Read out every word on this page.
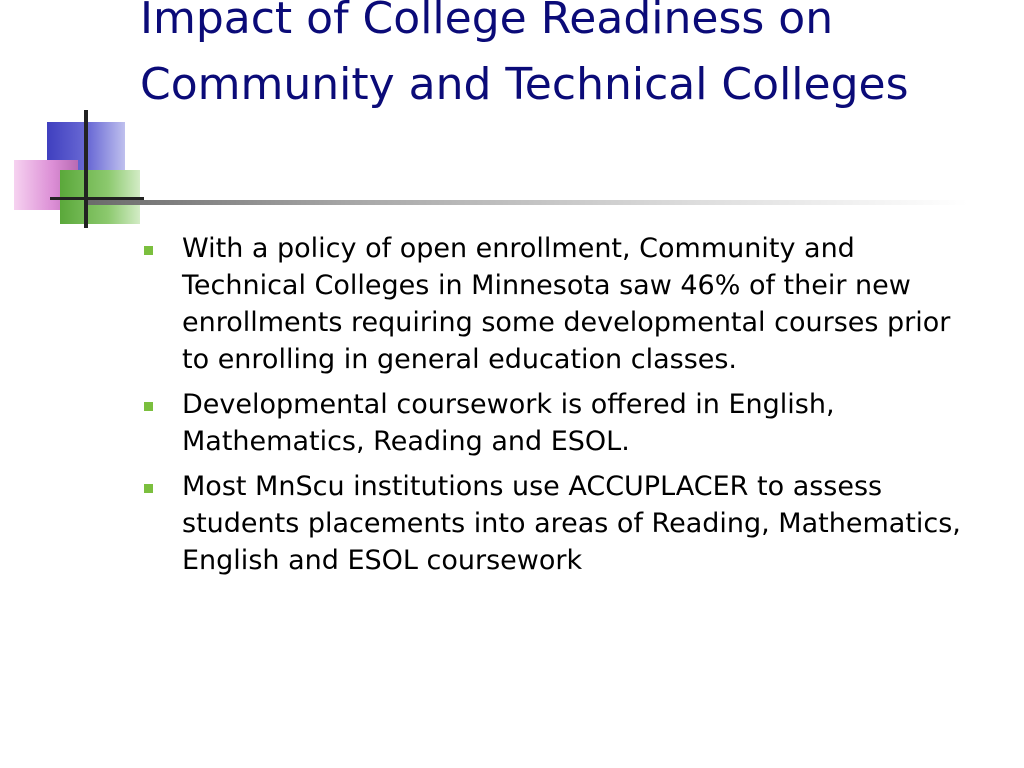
Impact of College Readiness on Community and Technical Colleges
With a policy of open enrollment, Community and Technical Colleges in Minnesota saw 46% of their new enrollments requiring some developmental courses prior to enrolling in general education classes.
Developmental coursework is offered in English, Mathematics, Reading and ESOL.
Most MnScu institutions use ACCUPLACER to assess students placements into areas of Reading, Mathematics, English and ESOL coursework
